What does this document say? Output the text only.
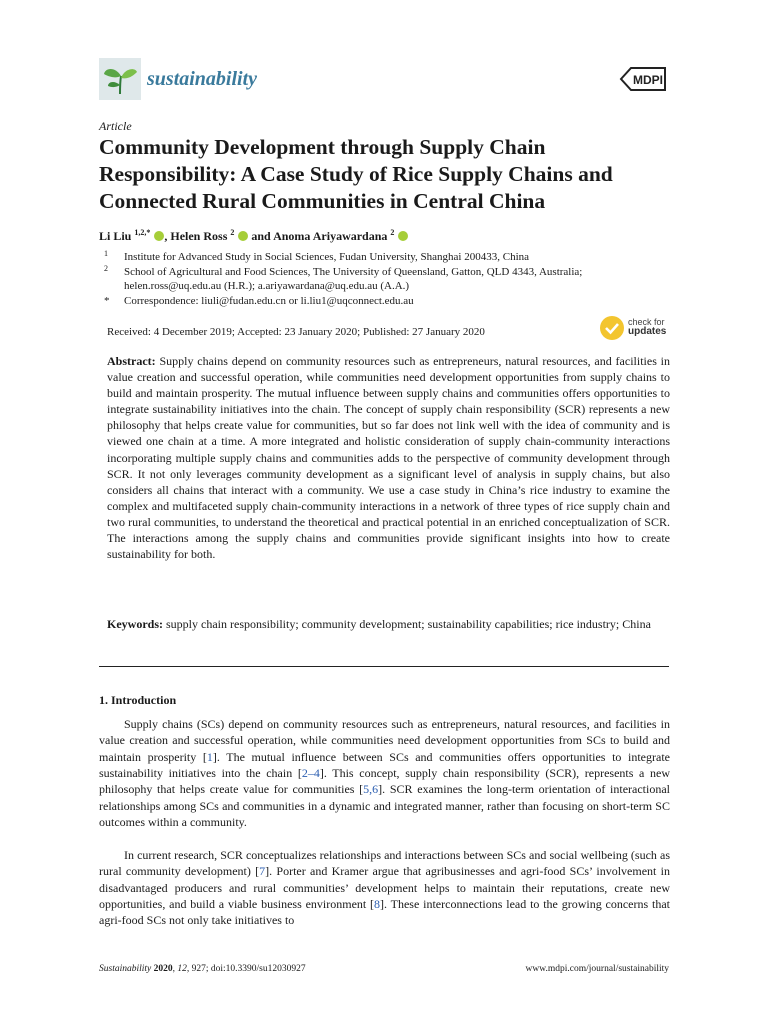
sustainability	MDPI
Article
Community Development through Supply Chain Responsibility: A Case Study of Rice Supply Chains and Connected Rural Communities in Central China
Li Liu $^{1,2,*}$ , Helen Ross $^2$ and Anoma Ariyawardana $^2$
1 Institute for Advanced Study in Social Sciences, Fudan University, Shanghai 200433, China
2 School of Agricultural and Food Sciences, The University of Queensland, Gatton, QLD 4343, Australia;
helen.ross@uq.edu.au (H.R.); a.ariyawardana@uq.edu.au (A.A.)
* Correspondence: liuli@fudan.edu.cn or li.liu1@uqconnect.edu.au
Received: 4 December 2019; Accepted: 23 January 2020; Published: 27 January 2020
check for
updates

Abstract: Supply chains depend on community resources such as entrepreneurs, natural resources, and facilities in value creation and successful operation, while communities need development opportunities from supply chains to build and maintain prosperity. The mutual influence between supply chains and communities offers opportunities to integrate sustainability initiatives into the chain. The concept of supply chain responsibility (SCR) represents a new philosophy that helps create value for communities, but so far does not link well with the idea of community and is viewed one chain at a time. A more integrated and holistic consideration of supply chain-community interactions incorporating multiple supply chains and communities adds to the perspective of community development through SCR. It not only leverages community development as a significant level of analysis in supply chains, but also considers all chains that interact with a community. We use a case study in China’s rice industry to examine the complex and multifaceted supply chain-community interactions in a network of three types of rice supply chain and two rural communities, to understand the theoretical and practical potential in an enriched conceptualization of SCR. The interactions among the supply chains and communities provide significant insights into how to create sustainability for both.

Keywords: supply chain responsibility; community development; sustainability capabilities; rice industry; China

1. Introduction

Supply chains (SCs) depend on community resources such as entrepreneurs, natural resources, and facilities in value creation and successful operation, while communities need development opportunities from SCs to build and maintain prosperity [1]. The mutual influence between SCs and communities offers opportunities to integrate sustainability initiatives into the chain [2–4]. This concept, supply chain responsibility (SCR), represents a new philosophy that helps create value for communities [5,6]. SCR examines the long-term orientation of interactional relationships among SCs and communities in a dynamic and integrated manner, rather than focusing on short-term SC outcomes within a community.

In current research, SCR conceptualizes relationships and interactions between SCs and social wellbeing (such as rural community development) [7]. Porter and Kramer argue that agribusinesses and agri-food SCs’ involvement in disadvantaged producers and rural communities’ development helps to maintain their reputations, create new opportunities, and build a viable business environment [8]. These interconnections lead to the growing concerns that agri-food SCs not only take initiatives to

Sustainability 2020, 12, 927; doi:10.3390/su12030927	www.mdpi.com/journal/sustainability
